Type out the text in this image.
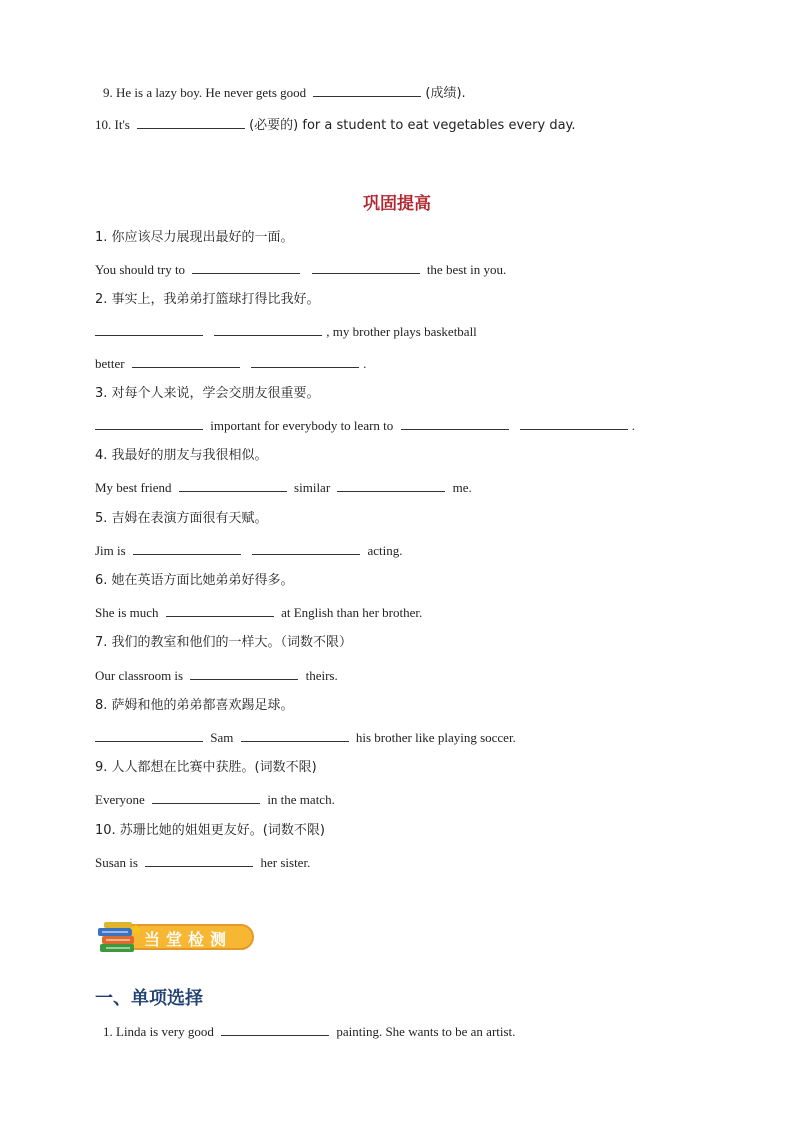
9. He is a lazy boy. He never gets good	(成绩).
10. It's	(必要的) for a student to eat vegetables every day.
巩固提高
1. 你应该尽力展现出最好的一面。
You should try to	the best in you.
2. 事实上，我弟弟打篮球打得比我好。
, my brother plays basketball
better	.
3. 对每个人来说，学会交朋友很重要。
important for everybody to learn to	.
4. 我最好的朋友与我很相似。
My best friend	similar	me.
5. 吉姆在表演方面很有天赋。
Jim is	acting.
6. 她在英语方面比她弟弟好得多。
She is much	at English than her brother.
7. 我们的教室和他们的一样大。（词数不限）
Our classroom is	theirs.
8. 萨姆和他的弟弟都喜欢踢足球。
Sam	his brother like playing soccer.
9. 人人都想在比赛中获胜。(词数不限)
Everyone	in the match.
10. 苏珊比她的姐姐更友好。(词数不限)
Susan is	her sister.
当堂检测
一、单项选择
1. Linda is very good	painting. She wants to be an artist.
